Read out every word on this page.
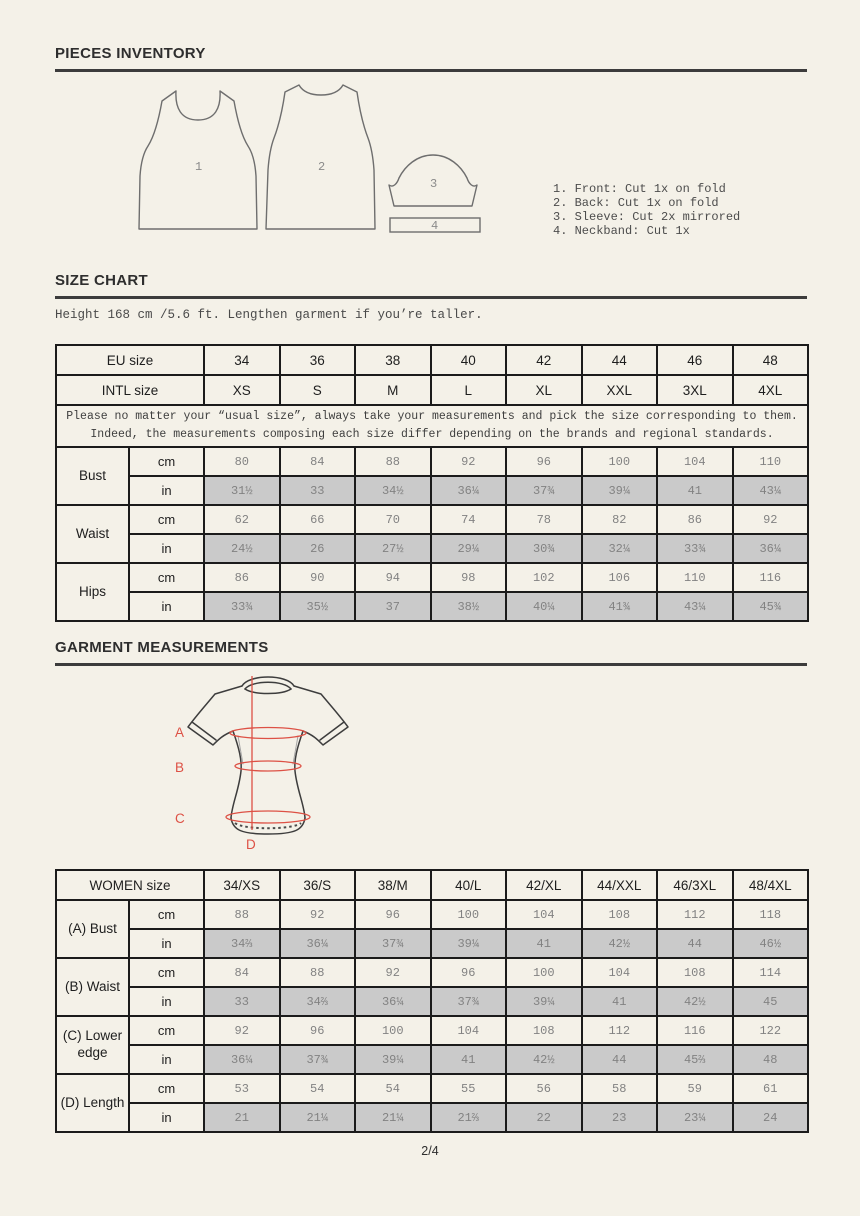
PIECES INVENTORY
1	2
3
4
1. Front: Cut 1x on fold
2. Back: Cut 1x on fold
3. Sleeve: Cut 2x mirrored
4. Neckband: Cut 1x
SIZE CHART
Height 168 cm /5.6 ft. Lengthen garment if you’re taller.
EU size		34	36	38	40	42	44	46	48
INTL size		XS	S	M	L	XL	XXL	3XL	4XL

Please no matter your “usual size”, always take your measurements and pick the size corresponding to them.
Indeed, the measurements composing each size differ depending on the brands and regional standards.									

Bust	cm	80	84	88	92	96	100	104	110
	in	31½	33	34½	36¼	37¾	39¼	41	43¼
Waist	cm	62	66	70	74	78	82	86	92
	in	24½	26	27½	29¼	30¾	32¼	33¾	36¼
Hips	cm	86	90	94	98	102	106	110	116
	in	33¾	35½	37	38½	40¼	41¾	43¼	45¾
GARMENT MEASUREMENTS
A
B
C
D
WOMEN size		34/XS	36/S	38/M	40/L	42/XL	44/XXL	46/3XL	48/4XL
(A) Bust	cm	88	92	96	100	104	108	112	118
	in	34⅔	36¼	37¾	39¼	41	42½	44	46½
(B) Waist	cm	84	88	92	96	100	104	108	114
	in	33	34⅔	36¼	37¾	39¼	41	42½	45
(C) Lower edge	cm	92	96	100	104	108	112	116	122
	in	36¼	37¾	39¼	41	42½	44	45⅔	48
(D) Length	cm	53	54	54	55	56	58	59	61
	in	21	21¼	21¼	21⅔	22	23	23¼	24
2/4
